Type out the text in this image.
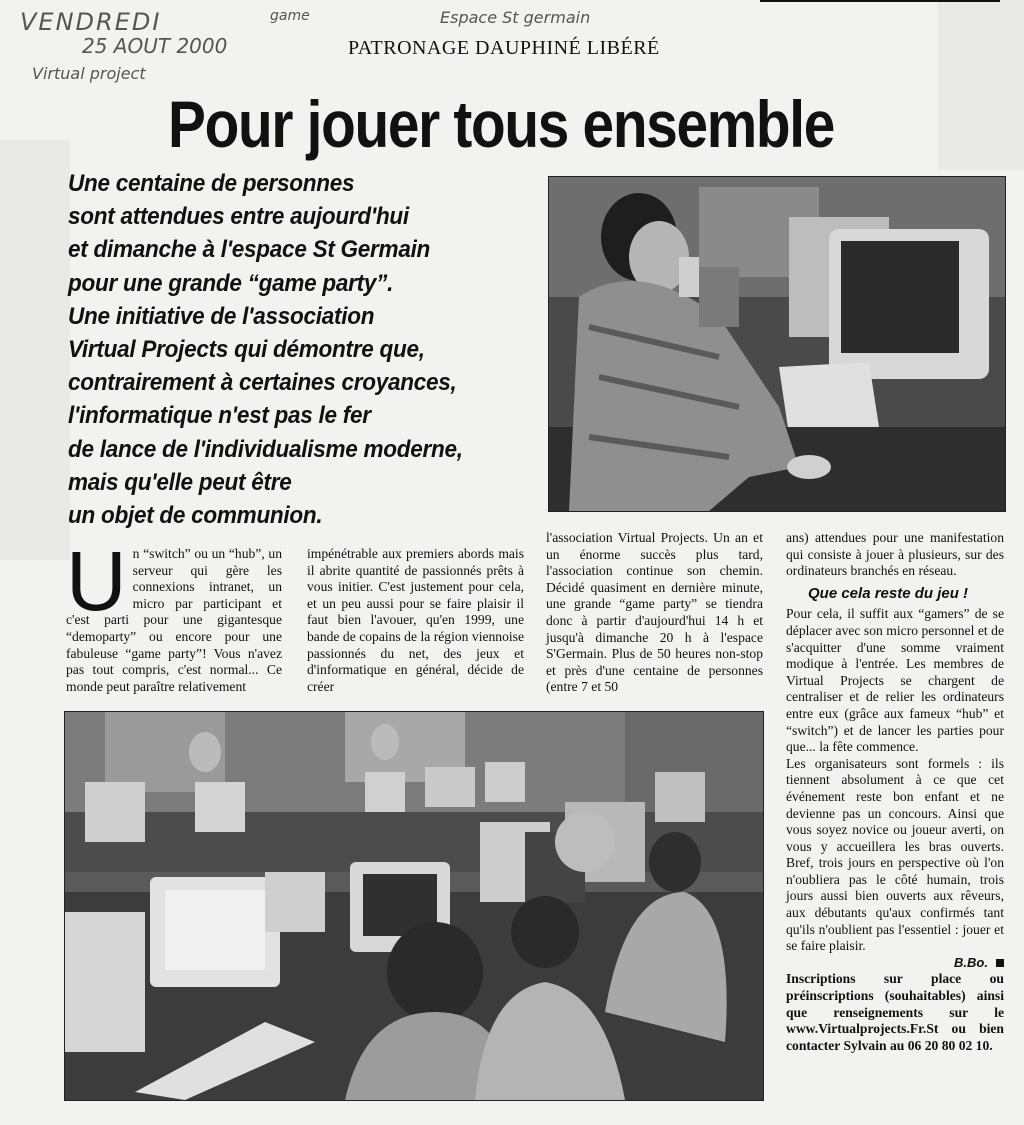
VENDREDI
25 AOUT 2000
Virtual project
game	Espace St germain
PATRONAGE DAUPHINÉ LIBÉRÉ
Pour jouer tous ensemble
Une centaine de personnes
sont attendues entre aujourd'hui
et dimanche à l'espace St Germain
pour une grande “game party”.
Une initiative de l'association
Virtual Projects qui démontre que,
contrairement à certaines croyances,
l'informatique n'est pas le fer
de lance de l'individualisme moderne,
mais qu'elle peut être
un objet de communion.
U n “switch” ou un “hub”, un serveur qui gère les connexions intranet, un micro par participant et c'est parti pour une gigantesque “demoparty” ou encore pour une fabuleuse “game party”! Vous n'avez pas tout compris, c'est normal... Ce monde peut paraître relativement
impénétrable aux premiers abords mais il abrite quantité de passionnés prêts à vous initier. C'est justement pour cela, et un peu aussi pour se faire plaisir il faut bien l'avouer, qu'en 1999, une bande de copains de la région viennoise passionnés du net, des jeux et d'informatique en général, décide de créer
l'association Virtual Projects. Un an et un énorme succès plus tard, l'association continue son chemin. Décidé quasiment en dernière minute, une grande “game party” se tiendra donc à partir d'aujourd'hui 14 h et jusqu'à dimanche 20 h à l'espace S'Germain. Plus de 50 heures non-stop et près d'une centaine de personnes (entre 7 et 50

ans) attendues pour une manifestation qui consiste à jouer à plusieurs, sur des ordinateurs branchés en réseau.

Que cela reste du jeu !

Pour cela, il suffit aux “gamers” de se déplacer avec son micro personnel et de s'acquitter d'une somme vraiment modique à l'entrée. Les membres de Virtual Projects se chargent de centraliser et de relier les ordinateurs entre eux (grâce aux fameux “hub” et “switch”) et de lancer les parties pour que... la fête commence.

Les organisateurs sont formels : ils tiennent absolument à ce que cet événement reste bon enfant et ne devienne pas un concours. Ainsi que vous soyez novice ou joueur averti, on vous y accueillera les bras ouverts. Bref, trois jours en perspective où l'on n'oubliera pas le côté humain, trois jours aussi bien ouverts aux rêveurs, aux débutants qu'aux confirmés tant qu'ils n'oublient pas l'essentiel : jouer et se faire plaisir.

B.Bo.

Inscriptions sur place ou préinscriptions (souhaitables) ainsi que renseignements sur le www.Virtualprojects.Fr.St ou bien contacter Sylvain au 06 20 80 02 10.
